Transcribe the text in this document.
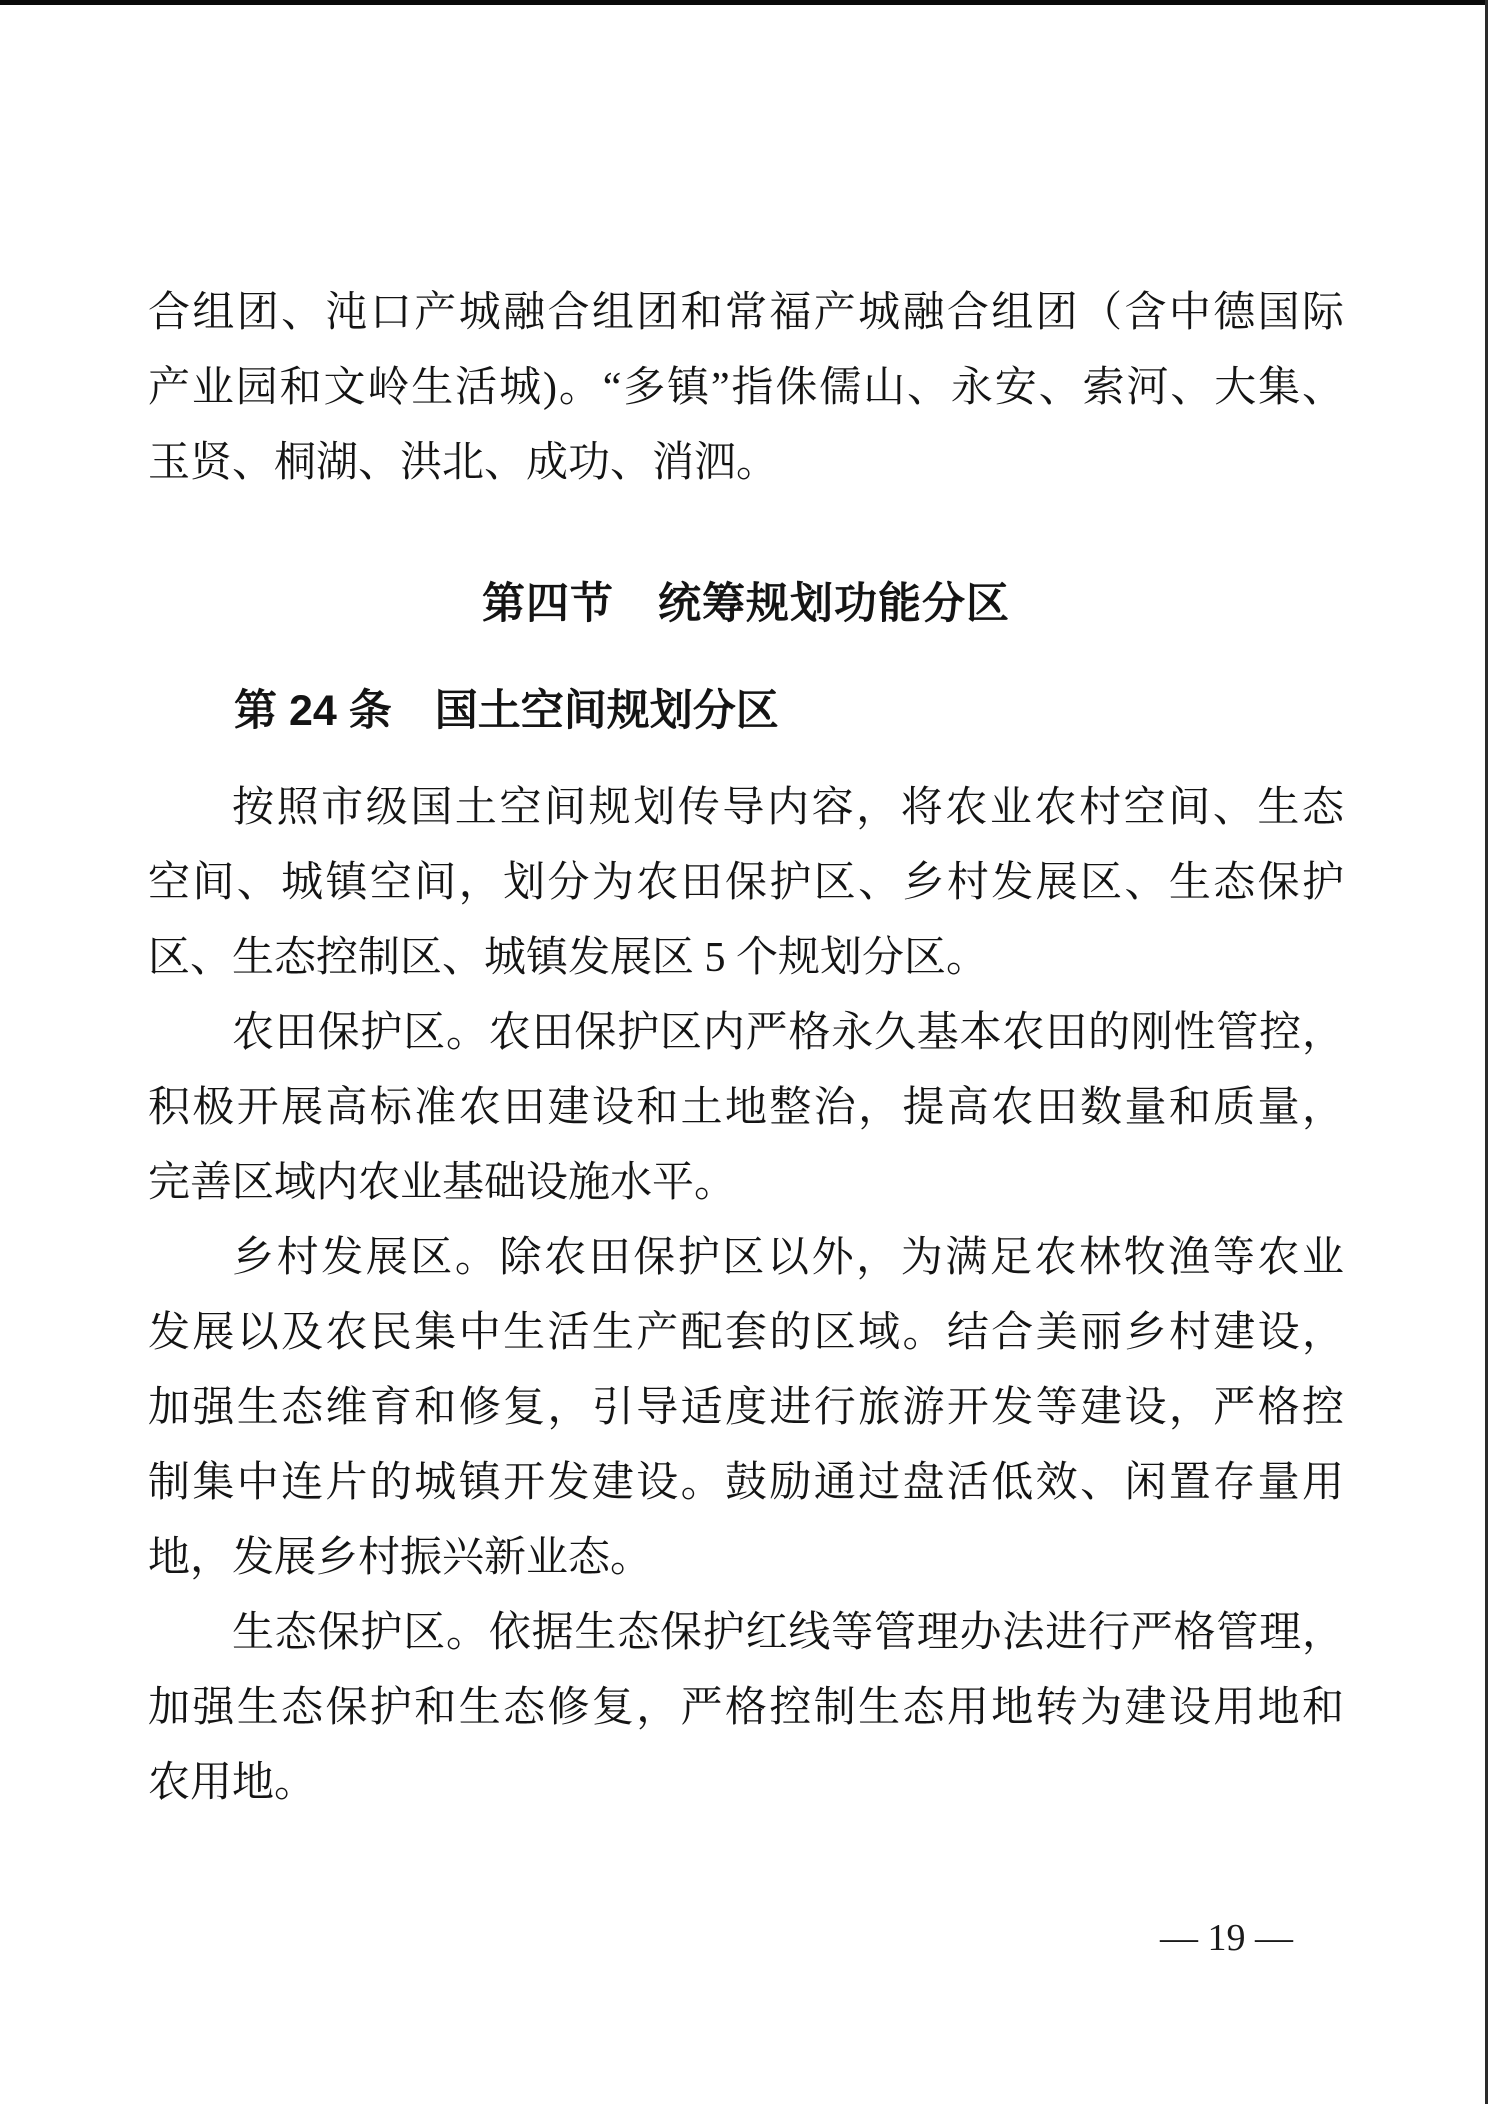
合组团、沌口产城融合组团和常福产城融合组团（含中德国际
产业园和文岭生活城)。“多镇”指侏儒山、永安、索河、大集、
玉贤、桐湖、洪北、成功、消泗。
第四节　统筹规划功能分区
第 24 条　国土空间规划分区
按照市级国土空间规划传导内容，将农业农村空间、生态
空间、城镇空间，划分为农田保护区、乡村发展区、生态保护
区、生态控制区、城镇发展区 5 个规划分区。
农田保护区。农田保护区内严格永久基本农田的刚性管控，
积极开展高标准农田建设和土地整治，提高农田数量和质量，
完善区域内农业基础设施水平。
乡村发展区。除农田保护区以外，为满足农林牧渔等农业
发展以及农民集中生活生产配套的区域。结合美丽乡村建设，
加强生态维育和修复，引导适度进行旅游开发等建设，严格控
制集中连片的城镇开发建设。鼓励通过盘活低效、闲置存量用
地，发展乡村振兴新业态。
生态保护区。依据生态保护红线等管理办法进行严格管理，
加强生态保护和生态修复，严格控制生态用地转为建设用地和
农用地。
— 19 —
